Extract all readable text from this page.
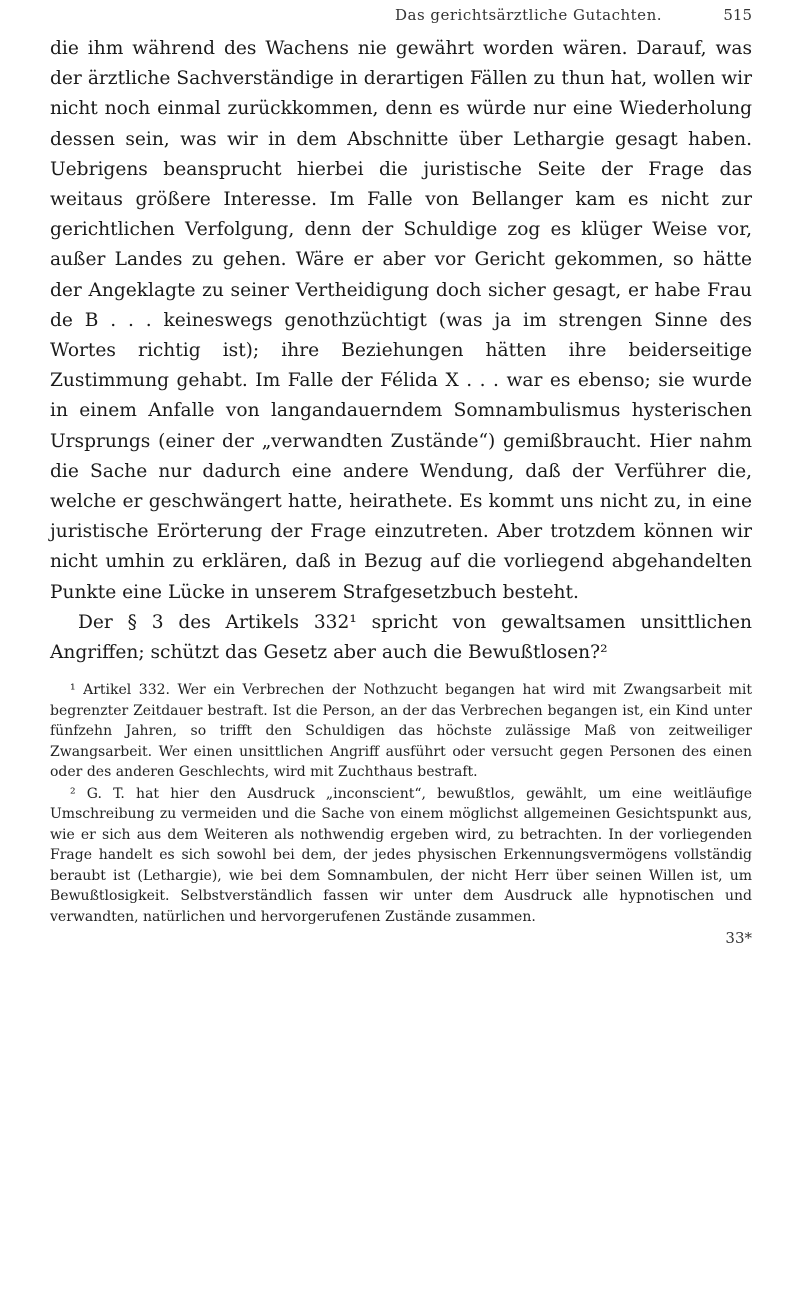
Das gerichtsärztliche Gutachten.	515

die ihm während des Wachens nie gewährt worden wären. Darauf, was der ärztliche Sachverständige in derartigen Fällen zu thun hat, wollen wir nicht noch einmal zurückkommen, denn es würde nur eine Wiederholung dessen sein, was wir in dem Abschnitte über Lethargie gesagt haben. Uebrigens beansprucht hierbei die juristische Seite der Frage das weitaus größere Interesse. Im Falle von Bellanger kam es nicht zur gerichtlichen Verfolgung, denn der Schuldige zog es klüger Weise vor, außer Landes zu gehen. Wäre er aber vor Gericht gekommen, so hätte der Angeklagte zu seiner Vertheidigung doch sicher gesagt, er habe Frau de B . . . keineswegs genothzüchtigt (was ja im strengen Sinne des Wortes richtig ist); ihre Beziehungen hätten ihre beiderseitige Zustimmung gehabt. Im Falle der Félida X . . . war es ebenso; sie wurde in einem Anfalle von langandauerndem Somnambulismus hysterischen Ursprungs (einer der „verwandten Zustände“) gemißbraucht. Hier nahm die Sache nur dadurch eine andere Wendung, daß der Verführer die, welche er geschwängert hatte, heirathete. Es kommt uns nicht zu, in eine juristische Erörterung der Frage einzutreten. Aber trotzdem können wir nicht umhin zu erklären, daß in Bezug auf die vorliegend abgehandelten Punkte eine Lücke in unserem Strafgesetzbuch besteht.

Der § 3 des Artikels 332¹ spricht von gewaltsamen unsittlichen Angriffen; schützt das Gesetz aber auch die Bewußtlosen?²

¹ Artikel 332. Wer ein Verbrechen der Nothzucht begangen hat wird mit Zwangsarbeit mit begrenzter Zeitdauer bestraft. Ist die Person, an der das Verbrechen begangen ist, ein Kind unter fünfzehn Jahren, so trifft den Schuldigen das höchste zulässige Maß von zeitweiliger Zwangsarbeit. Wer einen unsittlichen Angriff ausführt oder versucht gegen Personen des einen oder des anderen Geschlechts, wird mit Zuchthaus bestraft.

² G. T. hat hier den Ausdruck „inconscient“, bewußtlos, gewählt, um eine weitläufige Umschreibung zu vermeiden und die Sache von einem möglichst allgemeinen Gesichtspunkt aus, wie er sich aus dem Weiteren als nothwendig ergeben wird, zu betrachten. In der vorliegenden Frage handelt es sich sowohl bei dem, der jedes physischen Erkennungsvermögens vollständig beraubt ist (Lethargie), wie bei dem Somnambulen, der nicht Herr über seinen Willen ist, um Bewußtlosigkeit. Selbstverständlich fassen wir unter dem Ausdruck alle hypnotischen und verwandten, natürlichen und hervorgerufenen Zustände zusammen.

33*
